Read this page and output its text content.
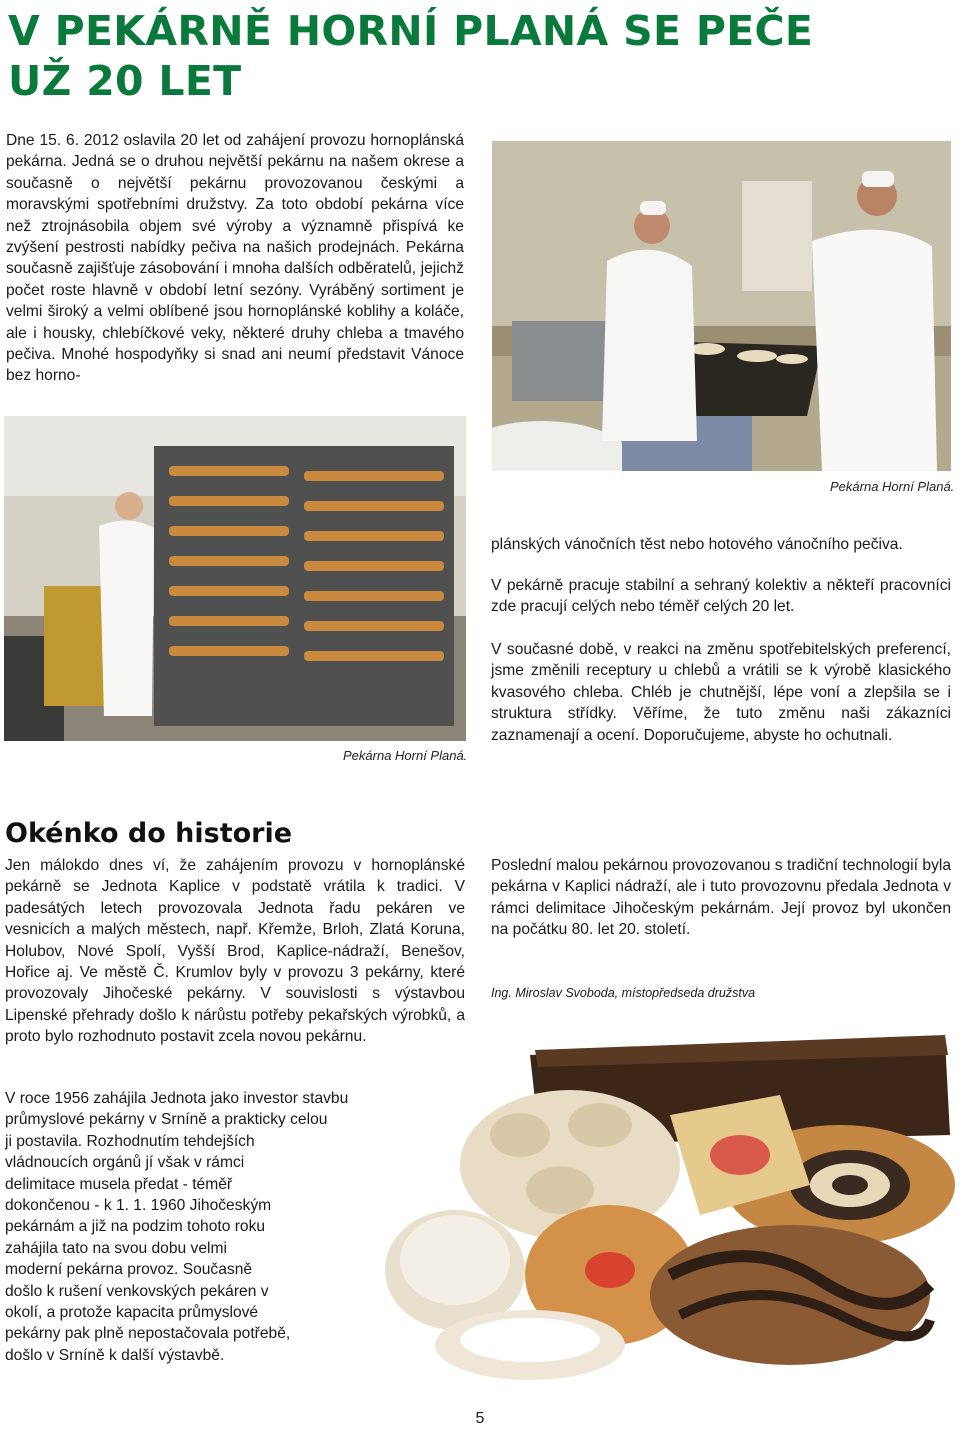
V PEKÁRNĚ HORNÍ PLANÁ SE PEČE
UŽ 20 LET
Dne 15. 6. 2012 oslavila 20 let od zahájení provozu hornoplánská pekárna. Jedná se o druhou největší pekárnu na našem okrese a současně o největší pekárnu provozovanou českými a moravskými spotřebními družstvy. Za toto období pekárna více než ztrojnásobila objem své výroby a významně přispívá ke zvýšení pestrosti nabídky pečiva na našich prodejnách. Pekárna současně zajišťuje zásobování i mnoha dalších odběratelů, jejichž počet roste hlavně v období letní sezóny. Vyráběný sortiment je velmi široký a velmi oblíbené jsou hornoplánské koblihy a koláče, ale i housky, chlebíčkové veky, některé druhy chleba a tmavého pečiva. Mnohé hospodyňky si snad ani neumí představit Vánoce bez horno-
Pekárna Horní Planá.
Pekárna Horní Planá.
plánských vánočních těst nebo hotového vánočního pečiva.
V pekárně pracuje stabilní a sehraný kolektiv a někteří pracovníci zde pracují celých nebo téměř celých 20 let.
V současné době, v reakci na změnu spotřebitelských preferencí, jsme změnili receptury u chlebů a vrátili se k výrobě klasického kvasového chleba. Chléb je chutnější, lépe voní a zlepšila se i struktura střídky. Věříme, že tuto změnu naši zákazníci zaznamenají a ocení. Doporučujeme, abyste ho ochutnali.
Okénko do historie
Jen málokdo dnes ví, že zahájením provozu v hornoplánské pekárně se Jednota Kaplice v podstatě vrátila k tradici. V padesátých letech provozovala Jednota řadu pekáren ve vesnicích a malých městech, např. Křemže, Brloh, Zlatá Koruna, Holubov, Nové Spolí, Vyšší Brod, Kaplice-nádraží, Benešov, Hořice aj. Ve městě Č. Krumlov byly v provozu 3 pekárny, které provozovaly Jihočeské pekárny. V souvislosti s výstavbou Lipenské přehrady došlo k nárůstu potřeby pekařských výrobků, a proto bylo rozhodnuto postavit zcela novou pekárnu.
V roce 1956 zahájila Jednota jako investor stavbu
průmyslové pekárny v Srníně a prakticky celou
ji postavila. Rozhodnutím tehdejších
vládnoucích orgánů jí však v rámci
delimitace musela předat - téměř
dokončenou - k 1. 1. 1960 Jihočeským
pekárnám a již na podzim tohoto roku
zahájila tato na svou dobu velmi
moderní pekárna provoz. Současně
došlo k rušení venkovských pekáren v
okolí, a protože kapacita průmyslové
pekárny pak plně nepostačovala potřebě,
došlo v Srníně k další výstavbě.
Poslední malou pekárnou provozovanou s tradiční technologií byla pekárna v Kaplici nádraží, ale i tuto provozovnu předala Jednota v rámci delimitace Jihočeským pekárnám. Její provoz byl ukončen na počátku 80. let 20. století.
Ing. Miroslav Svoboda, místopředseda družstva
5
